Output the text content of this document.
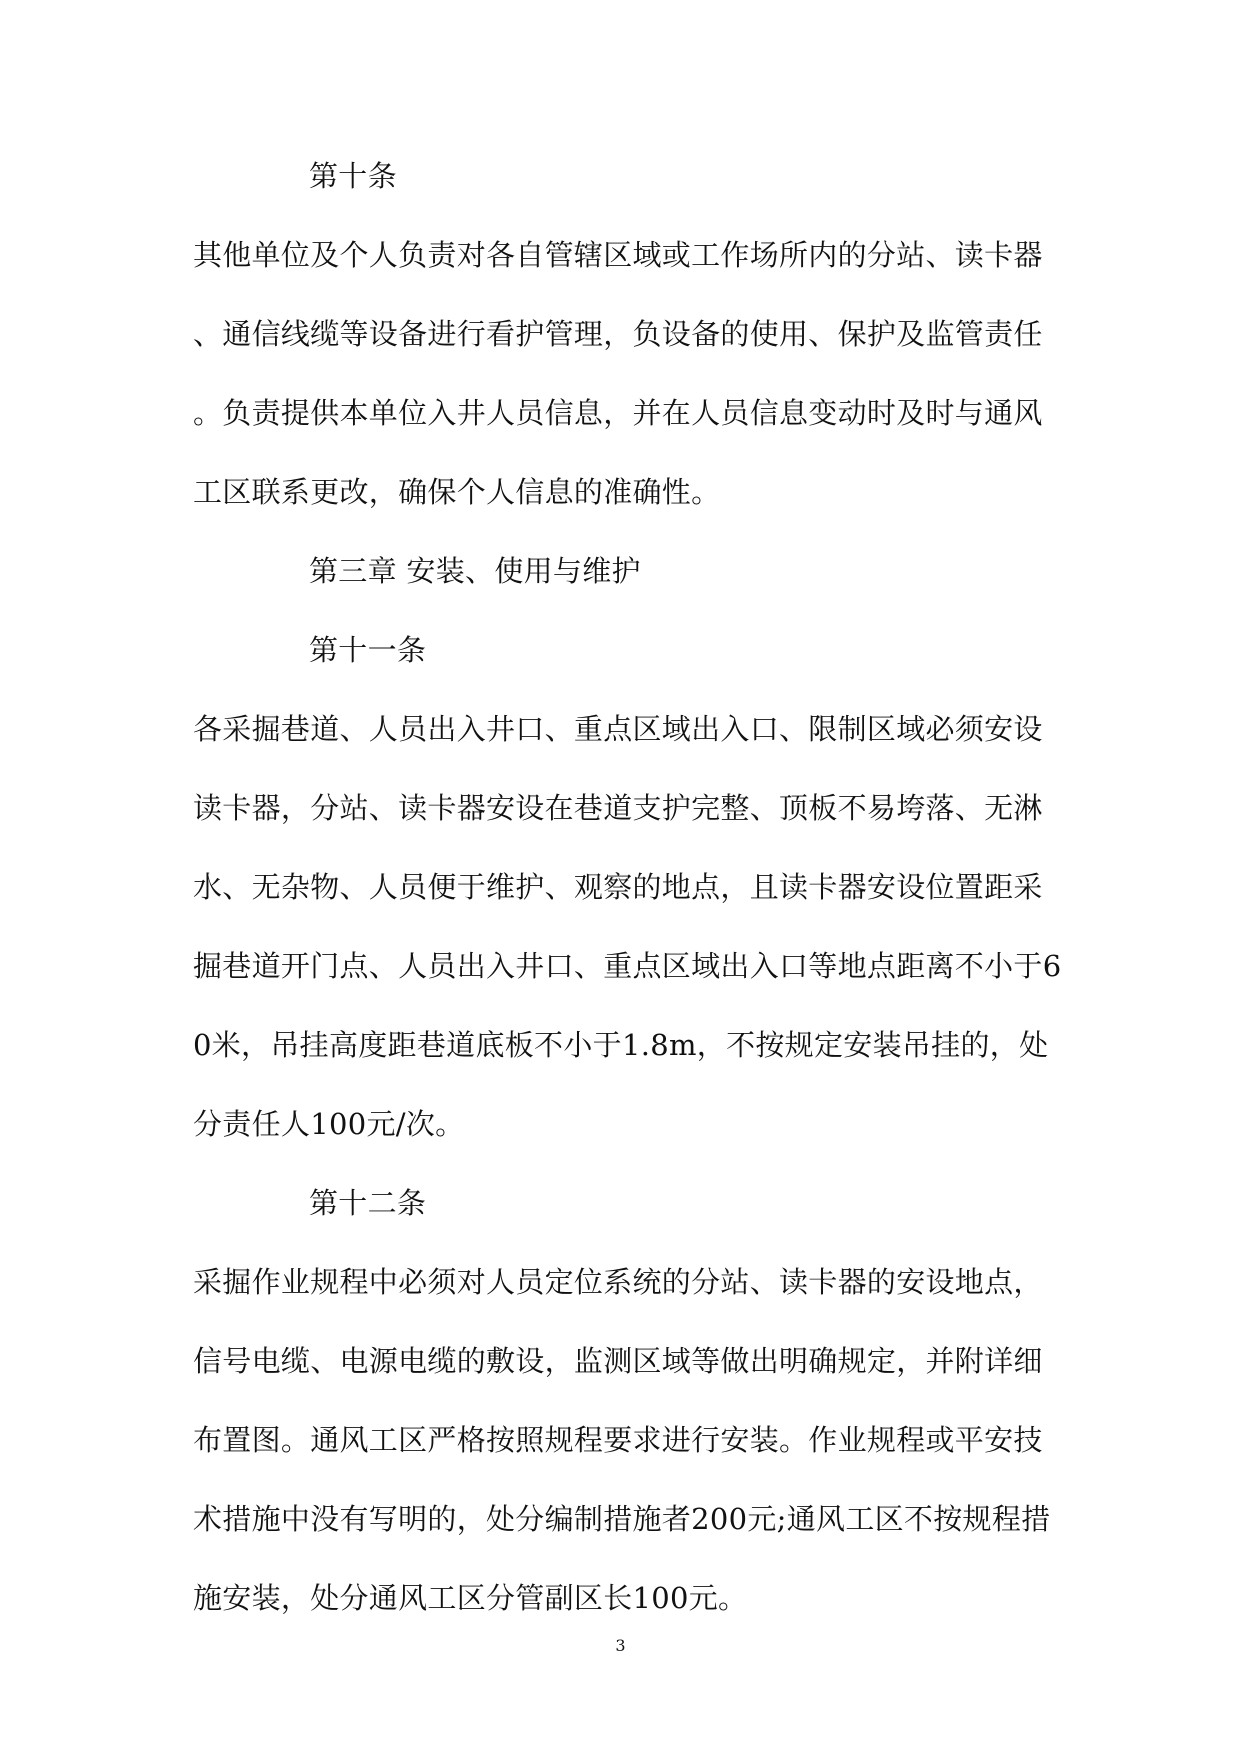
第十条
其他单位及个人负责对各自管辖区域或工作场所内的分站、读卡器
、通信线缆等设备进行看护管理，负设备的使用、保护及监管责任
。负责提供本单位入井人员信息，并在人员信息变动时及时与通风
工区联系更改，确保个人信息的准确性。
第三章 安装、使用与维护
第十一条
各采掘巷道、人员出入井口、重点区域出入口、限制区域必须安设
读卡器，分站、读卡器安设在巷道支护完整、顶板不易垮落、无淋
水、无杂物、人员便于维护、观察的地点，且读卡器安设位置距采
掘巷道开门点、人员出入井口、重点区域出入口等地点距离不小于6
0米，吊挂高度距巷道底板不小于1.8m，不按规定安装吊挂的，处
分责任人100元/次。
第十二条
采掘作业规程中必须对人员定位系统的分站、读卡器的安设地点，
信号电缆、电源电缆的敷设，监测区域等做出明确规定，并附详细
布置图。通风工区严格按照规程要求进行安装。作业规程或平安技
术措施中没有写明的，处分编制措施者200元;通风工区不按规程措
施安装，处分通风工区分管副区长100元。
3
